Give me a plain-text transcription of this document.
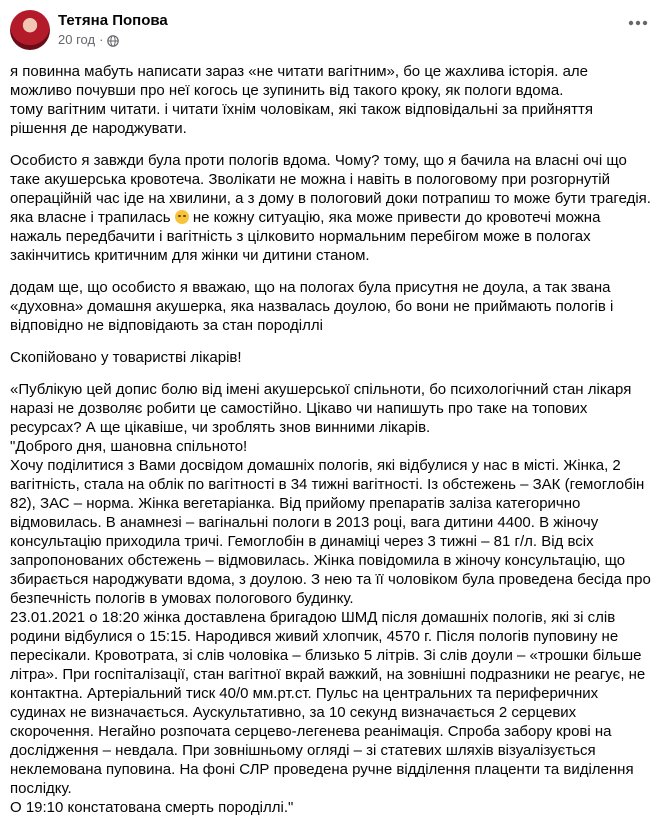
Тетяна Попова
20 год ·

я повинна мабуть написати зараз «не читати вагітним», бо це жахлива історія. але можливо почувши про неї когось це зупинить від такого кроку, як пологи вдома.
тому вагітним читати. і читати їхнім чоловікам, які також відповідальні за прийняття рішення де народжувати.

Особисто я завжди була проти пологів вдома. Чому? тому, що я бачила на власні очі що таке акушерська кровотеча. Зволікати не можна і навіть в пологовому при розгорнутій операційній час іде на хвилини, а з дому в пологовий доки потрапиш то може бути трагедія. яка власне і трапилась  не кожну ситуацію, яка може привести до кровотечі можна нажаль передбачити і вагітність з цілковито нормальним перебігом може в пологах закінчитись критичним для жінки чи дитини станом.

додам ще, що особисто я вважаю, що на пологах була присутня не доула, а так звана «духовна» домашня акушерка, яка назвалась доулою, бо вони не приймають пологів і відповідно не відповідають за стан породіллі

Скопійовано у товаристві лікарів!

«Публікую цей допис болю від імені акушерської спільноти, бо психологічний стан лікаря наразі не дозволяє робити це самостійно. Цікаво чи напишуть про таке на топових ресурсах? А ще цікавіше, чи зроблять знов винними лікарів.
"Доброго дня, шановна спільното!
Хочу поділитися з Вами досвідом домашніх пологів, які відбулися у нас в місті. Жінка, 2 вагітність, стала на облік по вагітності в 34 тижні вагітності. Із обстежень – ЗАК (гемоглобін 82), ЗАС – норма. Жінка вегетаріанка. Від прийому препаратів заліза категорично відмовилась. В анамнезі – вагінальні пологи в 2013 році, вага дитини 4400. В жіночу консультацію приходила тричі. Гемоглобін в динаміці через 3 тижні – 81 г/л. Від всіх запропонованих обстежень – відмовилась. Жінка повідомила в жіночу консультацію, що збирається народжувати вдома, з доулою. З нею та її чоловіком була проведена бесіда про безпечність пологів в умовах пологового будинку.
23.01.2021 о 18:20 жінка доставлена бригадою ШМД після домашніх пологів, які зі слів родини відбулися о 15:15. Народився живий хлопчик, 4570 г. Після пологів пуповину не пересікали. Кровотрата, зі слів чоловіка – близько 5 літрів. Зі слів доули – «трошки більше літра». При госпіталізації, стан вагітної вкрай важкий, на зовнішні подразники не реагує, не контактна. Артеріальний тиск 40/0 мм.рт.ст. Пульс на центральних та периферичних судинах не визначається. Аускультативно, за 10 секунд визначається 2 серцевих скорочення. Негайно розпочата серцево-легенева реанімація. Спроба забору крові на дослідження – невдала. При зовнішньому огляді – зі статевих шляхів візуалізується неклемована пуповина. На фоні СЛР проведена ручне відділення плаценти та виділення послідку.
О 19:10 констатована смерть породіллі."
